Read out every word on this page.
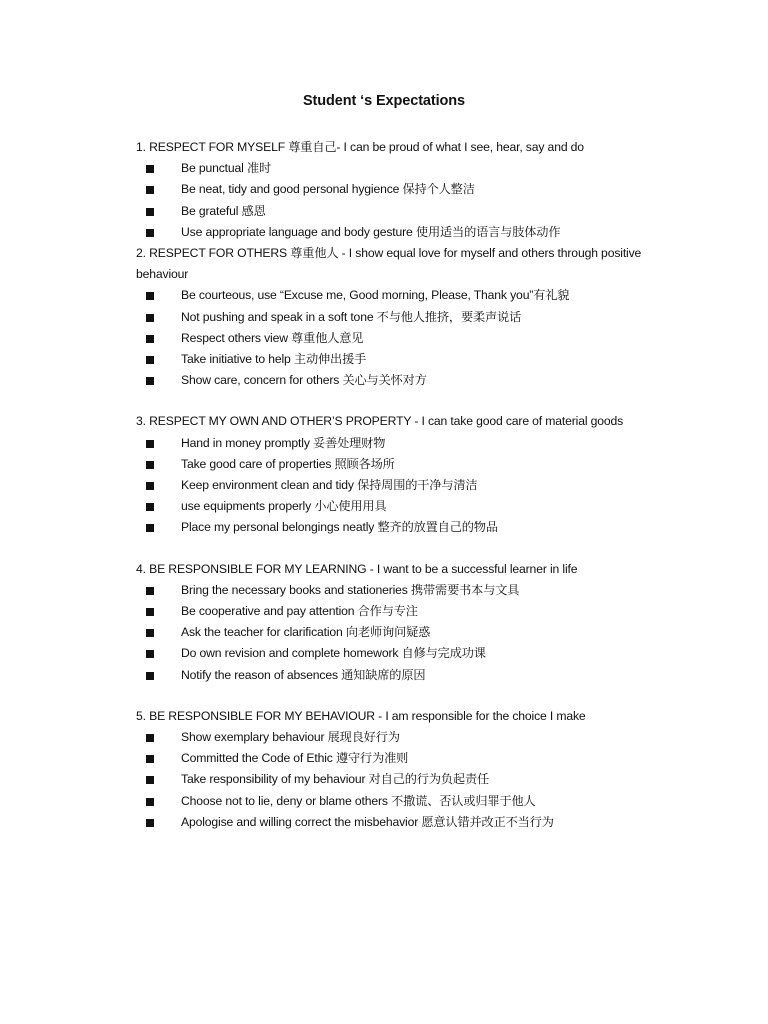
Student ‘s Expectations

1. RESPECT FOR MYSELF 尊重自己- I can be proud of what I see, hear, say and do

Be punctual 准时
Be neat, tidy and good personal hygience 保持个人整洁
Be grateful 感恩
Use appropriate language and body gesture 使用适当的语言与肢体动作

2. RESPECT FOR OTHERS 尊重他人 - I show equal love for myself and others through positive

behaviour

Be courteous, use “Excuse me, Good morning, Please, Thank you”有礼貌
Not pushing and speak in a soft tone 不与他人推挤，要柔声说话
Respect others view 尊重他人意见
Take initiative to help 主动伸出援手
Show care, concern for others 关心与关怀对方

3. RESPECT MY OWN AND OTHER’S PROPERTY - I can take good care of material goods

Hand in money promptly 妥善处理财物
Take good care of properties 照顾各场所
Keep environment clean and tidy 保持周围的干净与清洁
use equipments properly 小心使用用具
Place my personal belongings neatly 整齐的放置自己的物品

4. BE RESPONSIBLE FOR MY LEARNING - I want to be a successful learner in life

Bring the necessary books and stationeries 携带需要书本与文具
Be cooperative and pay attention 合作与专注
Ask the teacher for clarification 向老师询问疑惑
Do own revision and complete homework 自修与完成功课
Notify the reason of absences 通知缺席的原因

5. BE RESPONSIBLE FOR MY BEHAVIOUR - I am responsible for the choice I make

Show exemplary behaviour 展现良好行为
Committed the Code of Ethic 遵守行为准则
Take responsibility of my behaviour 对自己的行为负起责任
Choose not to lie, deny or blame others 不撒谎、否认或归罪于他人
Apologise and willing correct the misbehavior 愿意认错并改正不当行为
